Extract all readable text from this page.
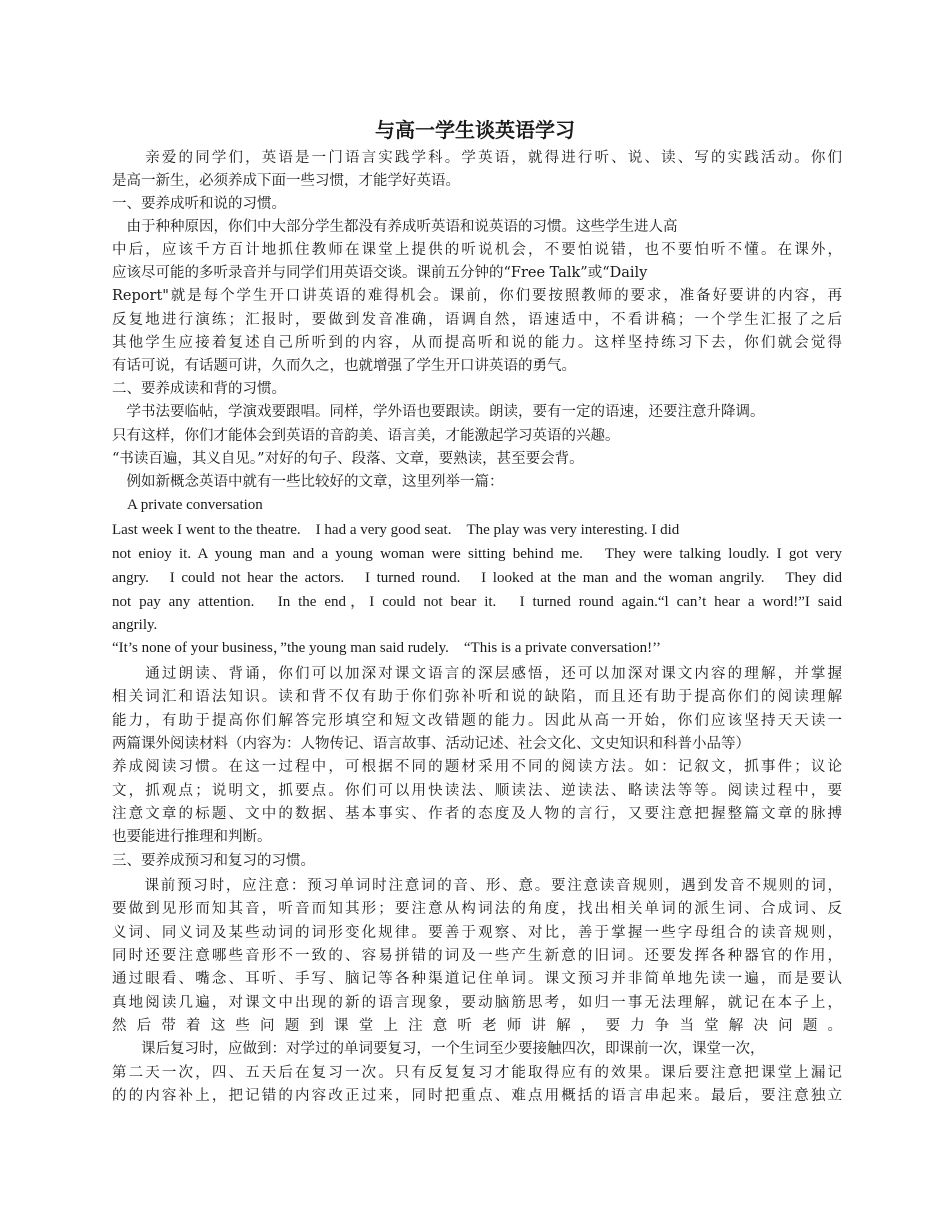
与高一学生谈英语学习
　　亲爱的同学们，英语是一门语言实践学科。学英语，就得进行听、说、读、写的实践活动。你们
是高一新生，必须养成下面一些习惯，才能学好英语。
一、要养成听和说的习惯。
　由于种种原因，你们中大部分学生都没有养成听英语和说英语的习惯。这些学生进人高
中后，应该千方百计地抓住教师在课堂上提供的听说机会，不要怕说错，也不要怕听不懂。在课外，
应该尽可能的多听录音并与同学们用英语交谈。课前五分钟的“Free Talk”或“Daily
Report"就是每个学生开口讲英语的难得机会。课前，你们要按照教师的要求，准备好要讲的内容，再
反复地进行演练；汇报时，要做到发音准确，语调自然，语速适中，不看讲稿；一个学生汇报了之后
其他学生应接着复述自己所听到的内容，从而提高听和说的能力。这样坚持练习下去，你们就会觉得
有话可说，有话题可讲，久而久之，也就增强了学生开口讲英语的勇气。
二、要养成读和背的习惯。
　学书法要临帖，学演戏要跟唱。同样，学外语也要跟读。朗读，要有一定的语速，还要注意升降调。
只有这样，你们才能体会到英语的音韵美、语言美，才能激起学习英语的兴趣。
“书读百遍，其义自见。”对好的句子、段落、文章，要熟读，甚至要会背。
　例如新概念英语中就有一些比较好的文章，这里列举一篇：
　A private conversation
Last week I went to the theatre.　I had a very good seat.　The play was very interesting. I did
not enioy it. A young man and a young woman were sitting behind me.　They were talking loudly. I got very
angry.　I could not hear the actors.　I turned round.　I looked at the man and the woman angrily.　They did
not pay any attention.　In the end，I could not bear it.　I turned round again.“l can’t hear a word!”I said
angrily.
“It’s none of your business，”the young man said rudely.　“This is a private conversation!’’
　　通过朗读、背诵，你们可以加深对课文语言的深层感悟，还可以加深对课文内容的理解，并掌握
相关词汇和语法知识。读和背不仅有助于你们弥补听和说的缺陷，而且还有助于提高你们的阅读理解
能力，有助于提高你们解答完形填空和短文改错题的能力。因此从高一开始，你们应该坚持天天读一
两篇课外阅读材料（内容为：人物传记、语言故事、活动记述、社会文化、文史知识和科普小品等）
养成阅读习惯。在这一过程中，可根据不同的题材采用不同的阅读方法。如：记叙文，抓事件；议论
文，抓观点；说明文，抓要点。你们可以用快读法、顺读法、逆读法、略读法等等。阅读过程中，要
注意文章的标题、文中的数据、基本事实、作者的态度及人物的言行，又要注意把握整篇文章的脉搏
也要能进行推理和判断。
三、要养成预习和复习的习惯。
　　课前预习时，应注意：预习单词时注意词的音、形、意。要注意读音规则，遇到发音不规则的词，
要做到见形而知其音，听音而知其形；要注意从构词法的角度，找出相关单词的派生词、合成词、反
义词、同义词及某些动词的词形变化规律。要善于观察、对比，善于掌握一些字母组合的读音规则，
同时还要注意哪些音形不一致的、容易拼错的词及一些产生新意的旧词。还要发挥各种器官的作用，
通过眼看、嘴念、耳听、手写、脑记等各种渠道记住单词。课文预习并非简单地先读一遍，而是要认
真地阅读几遍，对课文中出现的新的语言现象，要动脑筋思考，如归一事无法理解，就记在本子上，
然后带着这些问题到课堂上注意听老师讲解，要力争当堂解决问题。
　　课后复习时，应做到：对学过的单词要复习，一个生词至少要接触四次，即课前一次，课堂一次，
第二天一次，四、五天后在复习一次。只有反复复习才能取得应有的效果。课后要注意把课堂上漏记
的的内容补上，把记错的内容改正过来，同时把重点、难点用概括的语言串起来。最后，要注意独立
